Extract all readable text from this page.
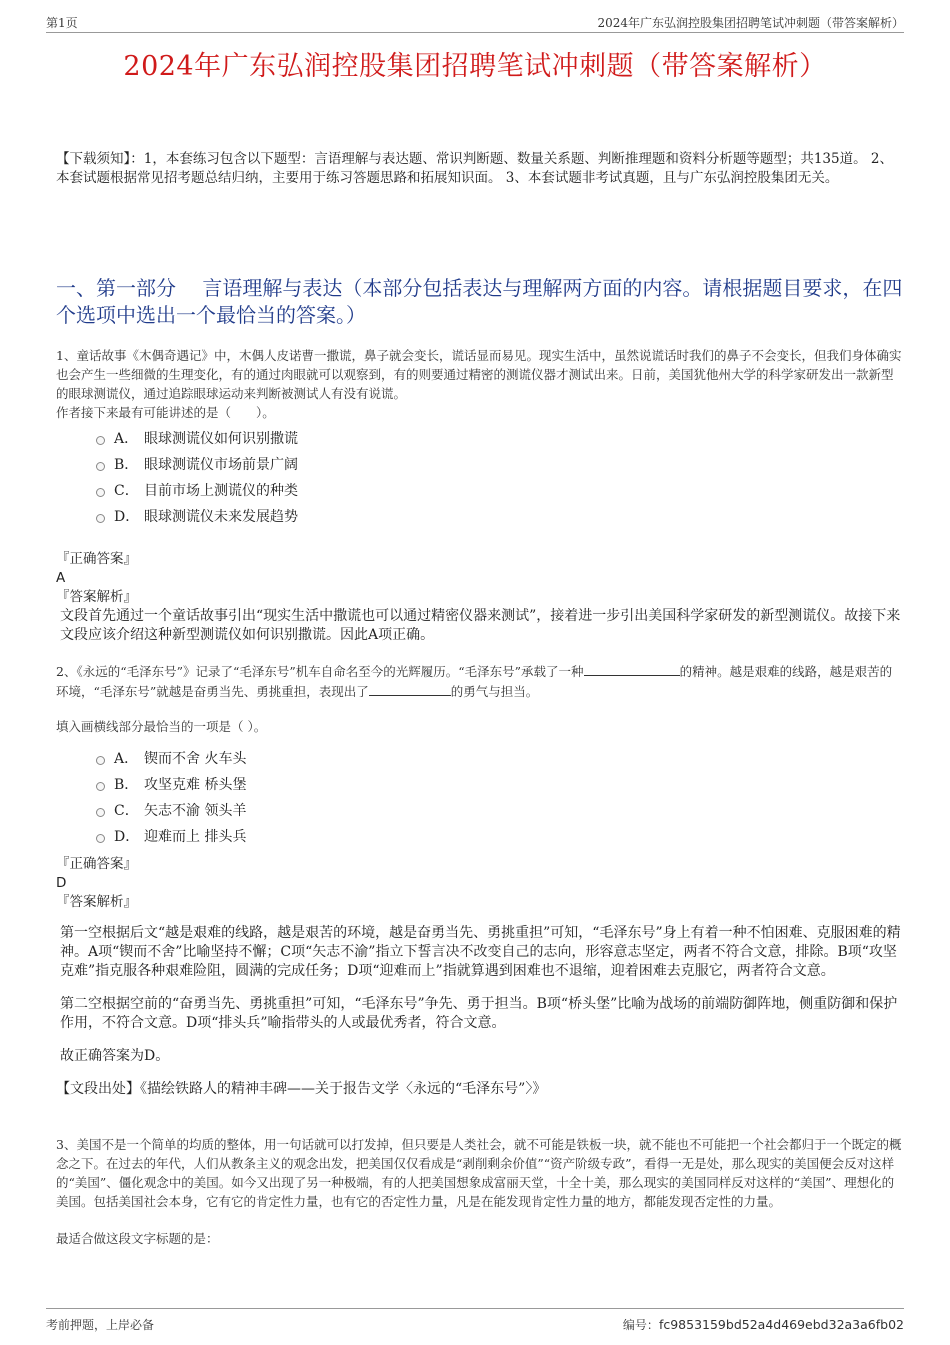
第1页	2024年广东弘润控股集团招聘笔试冲刺题（带答案解析）
2024年广东弘润控股集团招聘笔试冲刺题（带答案解析）
【下载须知】：1，本套练习包含以下题型：言语理解与表达题、常识判断题、数量关系题、判断推理题和资料分析题等题型；共135道。 2、本套试题根据常见招考题总结归纳，主要用于练习答题思路和拓展知识面。 3、本套试题非考试真题，且与广东弘润控股集团无关。
一、第一部分　 言语理解与表达（本部分包括表达与理解两方面的内容。请根据题目要求，在四个选项中选出一个最恰当的答案。）

1、童话故事《木偶奇遇记》中，木偶人皮诺曹一撒谎，鼻子就会变长，谎话显而易见。现实生活中，虽然说谎话时我们的鼻子不会变长，但我们身体确实也会产生一些细微的生理变化，有的通过肉眼就可以观察到，有的则要通过精密的测谎仪器才测试出来。日前，美国犹他州大学的科学家研发出一款新型的眼球测谎仪，通过追踪眼球运动来判断被测试人有没有说谎。

作者接下来最有可能讲述的是（　　）。

A． 眼球测谎仪如何识别撒谎
B． 眼球测谎仪市场前景广阔
C． 目前市场上测谎仪的种类
D． 眼球测谎仪未来发展趋势
『正确答案』
A
『答案解析』

文段首先通过一个童话故事引出“现实生活中撒谎也可以通过精密仪器来测试”，接着进一步引出美国科学家研发的新型测谎仪。故接下来文段应该介绍这种新型测谎仪如何识别撒谎。因此A项正确。

2、《永远的“毛泽东号”》记录了“毛泽东号”机车自命名至今的光辉履历。“毛泽东号”承载了一种	的精神。越是艰难的线路，越是艰苦的环境，“毛泽东号”就越是奋勇当先、勇挑重担，表现出了	的勇气与担当。

填入画横线部分最恰当的一项是（ ）。

A． 锲而不舍 火车头
B． 攻坚克难 桥头堡
C． 矢志不渝 领头羊
D． 迎难而上 排头兵
『正确答案』
D
『答案解析』

第一空根据后文“越是艰难的线路，越是艰苦的环境，越是奋勇当先、勇挑重担”可知，“毛泽东号”身上有着一种不怕困难、克服困难的精神。A项“锲而不舍”比喻坚持不懈；C项“矢志不渝”指立下誓言决不改变自己的志向，形容意志坚定，两者不符合文意，排除。B项“攻坚克难”指克服各种艰难险阻，圆满的完成任务；D项“迎难而上”指就算遇到困难也不退缩，迎着困难去克服它，两者符合文意。

第二空根据空前的“奋勇当先、勇挑重担”可知，“毛泽东号”争先、勇于担当。B项“桥头堡”比喻为战场的前端防御阵地，侧重防御和保护作用，不符合文意。D项“排头兵”喻指带头的人或最优秀者，符合文意。

故正确答案为D。

【文段出处】《描绘铁路人的精神丰碑——关于报告文学〈永远的“毛泽东号”〉》

3、美国不是一个简单的均质的整体，用一句话就可以打发掉，但只要是人类社会，就不可能是铁板一块，就不能也不可能把一个社会都归于一个既定的概念之下。在过去的年代，人们从教条主义的观念出发，把美国仅仅看成是“剥削剩余价值”“资产阶级专政”，看得一无是处，那么现实的美国便会反对这样的“美国”、僵化观念中的美国。如今又出现了另一种极端，有的人把美国想象成富丽天堂，十全十美，那么现实的美国同样反对这样的“美国”、理想化的美国。包括美国社会本身，它有它的肯定性力量，也有它的否定性力量，凡是在能发现肯定性力量的地方，都能发现否定性的力量。

最适合做这段文字标题的是：

考前押题，上岸必备	编号：fc9853159bd52a4d469ebd32a3a6fb02
